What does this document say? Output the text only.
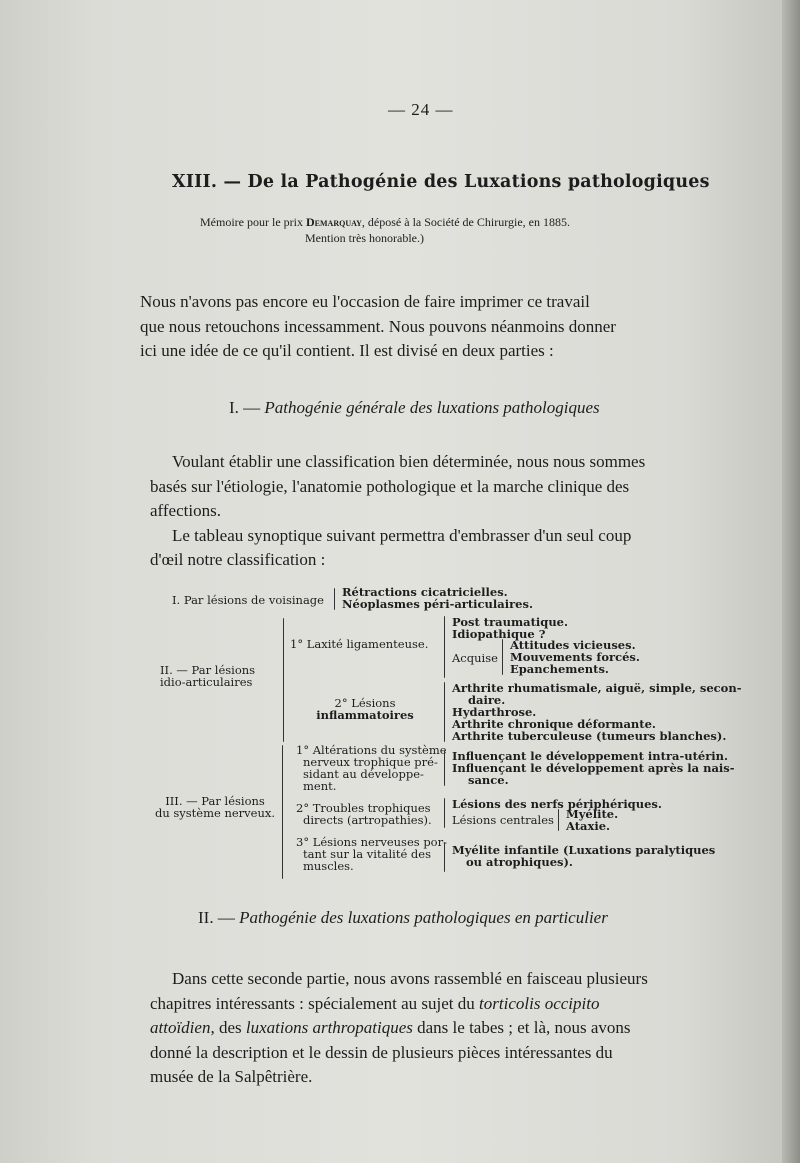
— 24 —
XIII. — De la Pathogénie des Luxations pathologiques
Mémoire pour le prix Demarquay, déposé à la Société de Chirurgie, en 1885.
Mention très honorable.)
Nous n'avons pas encore eu l'occasion de faire imprimer ce travail
que nous retouchons incessamment. Nous pouvons néanmoins donner
ici une idée de ce qu'il contient. Il est divisé en deux parties :
I. — Pathogénie générale des luxations pathologiques
Voulant établir une classification bien déterminée, nous nous sommes
basés sur l'étiologie, l'anatomie pothologique et la marche clinique des
affections.
Le tableau synoptique suivant permettra d'embrasser d'un seul coup
d'œil notre classification :
I. Par lésions de voisinage
Rétractions cicatricielles.
Néoplasmes péri-articulaires.
II. — Par lésions
idio-articulaires
1° Laxité ligamenteuse.
Post traumatique.
Idiopathique ?
Acquise
Attitudes vicieuses.
Mouvements forcés.
Epanchements.
2° Lésions
inflammatoires
Arthrite rhumatismale, aiguë, simple, secon-
daire.
Hydarthrose.
Arthrite chronique déformante.
Arthrite tuberculeuse (tumeurs blanches).
III. — Par lésions
du système nerveux.
1° Altérations du système
nerveux trophique pré-
sidant au développe-
ment.
Influençant le développement intra-utérin.
Influençant le développement après la nais-
sance.
2° Troubles trophiques
directs (artropathies).
Lésions des nerfs périphériques.
Lésions centrales Myélite.
Ataxie.
3° Lésions nerveuses por-
tant sur la vitalité des
muscles.
Myélite infantile (Luxations paralytiques
ou atrophiques).
II. — Pathogénie des luxations pathologiques en particulier
Dans cette seconde partie, nous avons rassemblé en faisceau plusieurs
chapitres intéressants : spécialement au sujet du torticolis occipito
attoïdien, des luxations arthropatiques dans le tabes ; et là, nous avons
donné la description et le dessin de plusieurs pièces intéressantes du
musée de la Salpêtrière.
